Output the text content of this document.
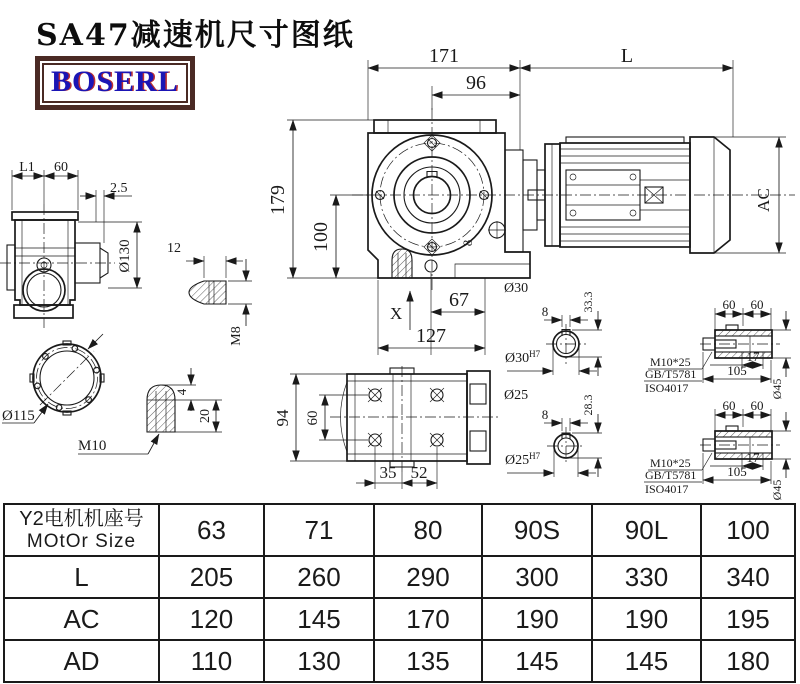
SA47减速机尺寸图纸
BOSERL
171
96
L
AC
L1 60
2.5
Ø130 12
M8
Ø115
4
20
M10
8
179
100
X
67
127
Ø30
94 60
35 52
8	33.3
$Ø30^{H7}$
Ø25
8	28.3
$Ø25^{H7}$
60 60
17
105
Ø45
M10*25
GB/T5781
ISO4017
60 60
17
105
Ø45
M10*25
GB/T5781
ISO4017
Y2电机机座号
MOtOr Size	63	71	80	90S	90L	100
L	205	260	290	300	330	340
AC	120	145	170	190	190	195
AD	110	130	135	145	145	180
